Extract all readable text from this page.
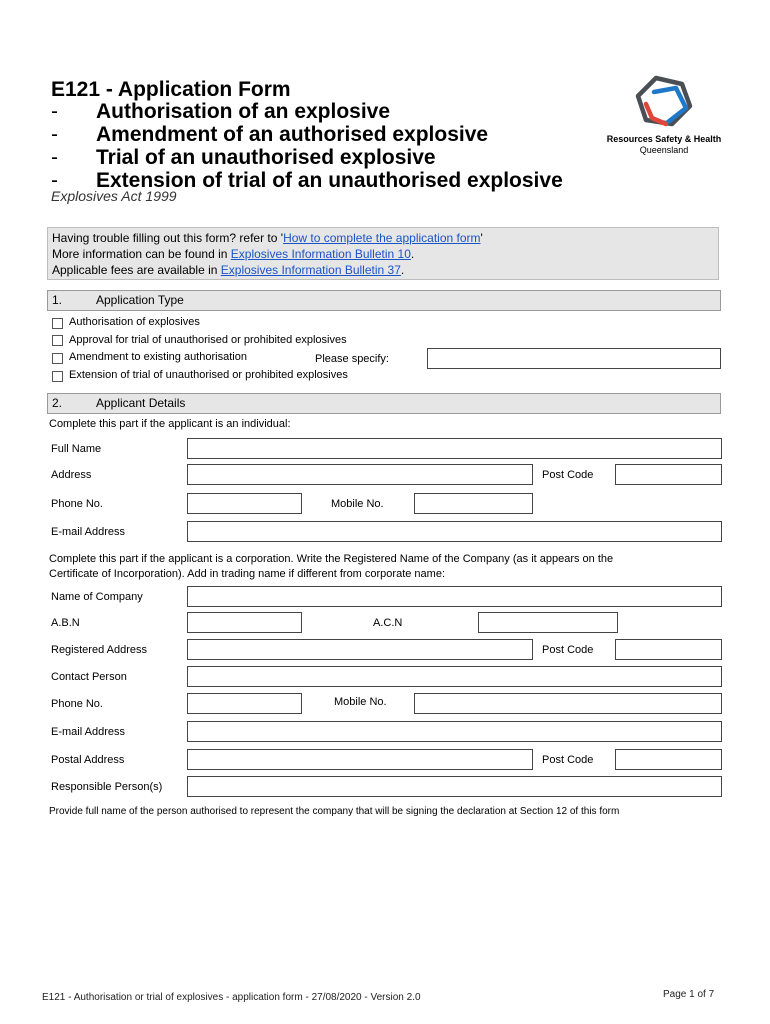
E121 - Application Form
- Authorisation of an explosive
- Amendment of an authorised explosive
- Trial of an unauthorised explosive
- Extension of trial of an unauthorised explosive
Explosives Act 1999
Resources Safety & Health
Queensland
Having trouble filling out this form? refer to 'How to complete the application form'
More information can be found in Explosives Information Bulletin 10.
Applicable fees are available in Explosives Information Bulletin 37.
1.	Application Type
Authorisation of explosives
Approval for trial of unauthorised or prohibited explosives
Amendment to existing authorisation	Please specify:
Extension of trial of unauthorised or prohibited explosives
2.	Applicant Details
Complete this part if the applicant is an individual:
Full Name
Address	Post Code
Phone No.	Mobile No.
E-mail Address
Complete this part if the applicant is a corporation. Write the Registered Name of the Company (as it appears on the
Certificate of Incorporation). Add in trading name if different from corporate name:
Name of Company
A.B.N	A.C.N
Registered Address	Post Code
Contact Person
Phone No.	Mobile No.
E-mail Address
Postal Address	Post Code
Responsible Person(s)
Provide full name of the person authorised to represent the company that will be signing the declaration at Section 12 of this form
E121 - Authorisation or trial of explosives - application form - 27/08/2020 - Version 2.0	Page 1 of 7
